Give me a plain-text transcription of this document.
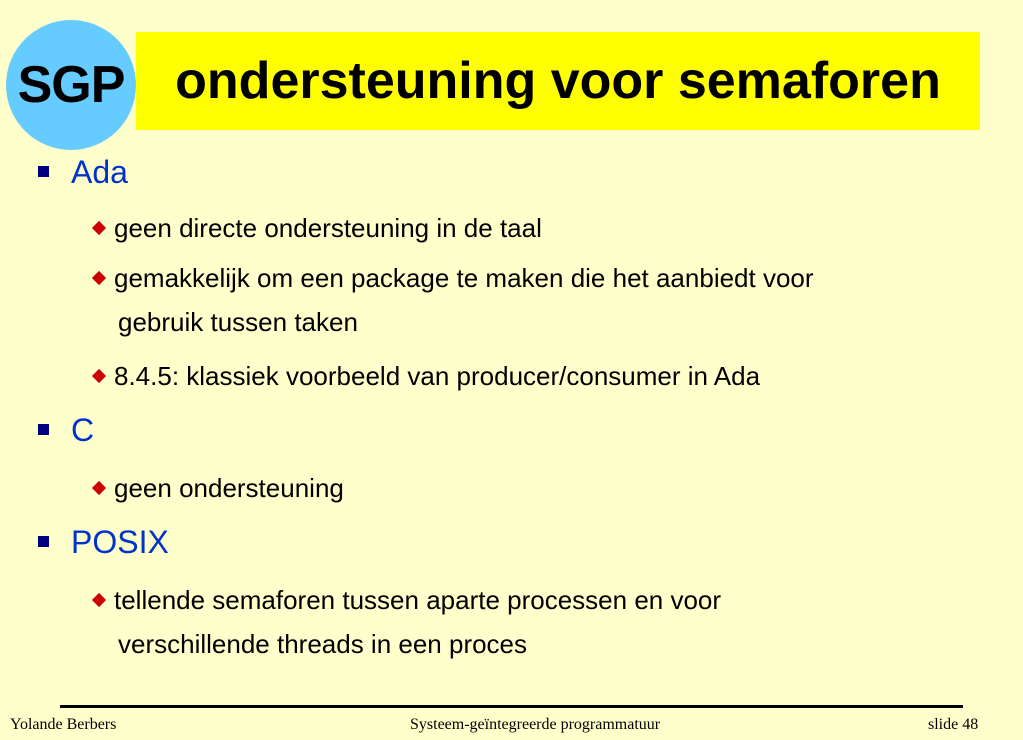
SGP ondersteuning voor semaforen
Ada
geen directe ondersteuning in de taal
gemakkelijk om een package te maken die het aanbiedt voor
gebruik tussen taken
8.4.5: klassiek voorbeeld van producer/consumer in Ada
C
geen ondersteuning
POSIX
tellende semaforen tussen aparte processen en voor
verschillende threads in een proces
Yolande Berbers	Systeem-geïntegreerde programmatuur	slide 48
